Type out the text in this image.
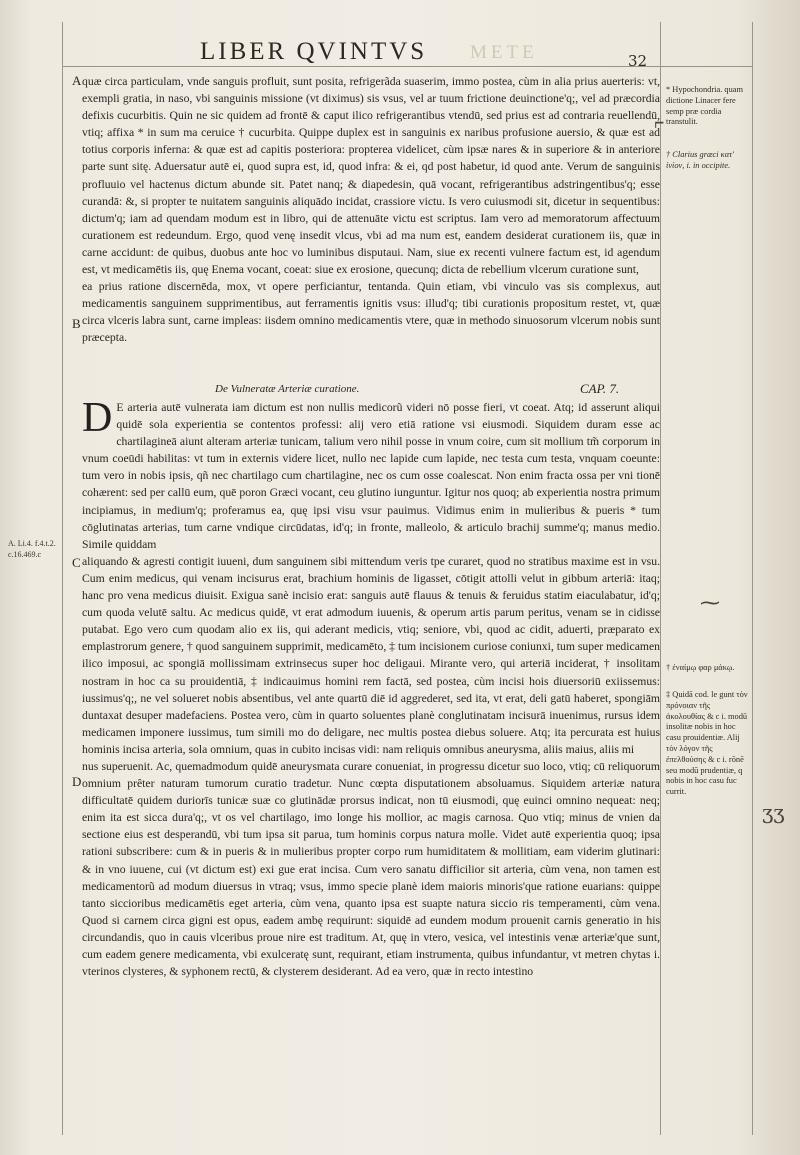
METE
LIBER QVINTVS	32
A
B
C
D

quæ circa particulam, vnde sanguis profluit, sunt posita, refrigerãda suaserim, immo postea, cùm in alia prius auerteris: vt, exempli gratia, in naso, vbi sanguinis missione (vt diximus) sis vsus, vel ar tuum frictione deuinctione'q;, vel ad præcordia defixis cucurbitis. Quin ne sic quidem ad frontē & caput ilico refrigerantibus vtendū, sed prius est ad contraria reuellendū, vtiq; affixa * in sum ma ceruice † cucurbita. Quippe duplex est in sanguinis ex naribus profusione auersio, & quæ est ad totius corporis inferna: & quæ est ad capitis posteriora: propterea videlicet, cùm ipsæ nares & in superiore & in anteriore parte sunt sitę. Aduersatur autē ei, quod supra est, id, quod infra: & ei, qd post habetur, id quod ante. Verum de sanguinis profluuio vel hactenus dictum abunde sit. Patet nanq; & diapedesin, quā vocant, refrigerantibus adstringentibus'q; esse curandā: &, si propter te nuitatem sanguinis aliquādo incidat, crassiore victu. Is vero cuiusmodi sit, dicetur in sequentibus: dictum'q; iam ad quendam modum est in libro, qui de attenuāte victu est scriptus. Iam vero ad memoratorum affectuum curationem est redeundum. Ergo, quod venę insedit vlcus, vbi ad ma num est, eandem desiderat curationem iis, quæ in carne accidunt: de quibus, duobus ante hoc vo luminibus disputaui. Nam, siue ex recenti vulnere factum est, id agendum est, vt medicamētis iis, quę Enema vocant, coeat: siue ex erosione, quecunq; dicta de rebellium vlcerum curatione sunt,

ea prius ratione discernēda, mox, vt opere perficiantur, tentanda. Quin etiam, vbi vinculo vas sis complexus, aut medicamentis sanguinem supprimentibus, aut ferramentis ignitis vsus: illud'q; tibi curationis propositum restet, vt, quæ circa vlceris labra sunt, carne impleas: iisdem omnino medicamentis vtere, quæ in methodo sinuosorum vlcerum nobis sunt præcepta.

De Vulneratæ Arteriæ curatione.	CAP. 7.

D E arteria autē vulnerata iam dictum est non nullis medicorũ videri nō posse fieri, vt coeat. Atq; id asserunt aliqui quidē sola experientia se contentos professi: alij vero etiā ratione vsi eiusmodi. Siquidem duram esse ac chartilagineā aiunt alteram arteriæ tunicam, talium vero nihil posse in vnum coire, cum sit mollium tm̃ corporum in vnum coeūdi habilitas: vt tum in externis videre licet, nullo nec lapide cum lapide, nec testa cum testa, vnquam coeunte: tum vero in nobis ipsis, qñ nec chartilago cum chartilagine, nec os cum osse coalescat. Non enim fracta ossa per vni tionē cohærent: sed per callū eum, quē poron Græci vocant, ceu glutino iunguntur. Igitur nos quoq; ab experientia nostra primum incipiamus, in medium'q; proferamus ea, quę ipsi visu vsur pauimus. Vidimus enim in mulieribus & pueris * tum cōglutinatas arterias, tum carne vndique circūdatas, id'q; in fronte, malleolo, & articulo brachij summe'q; manus medio. Simile quiddam

aliquando & agresti contigit iuueni, dum sanguinem sibi mittendum veris tpe curaret, quod no stratibus maxime est in vsu. Cum enim medicus, qui venam incisurus erat, brachium hominis de ligasset, cōtigit attolli velut in gibbum arteriā: itaq; hanc pro vena medicus diuisit. Exigua sanè incisio erat: sanguis autē flauus & tenuis & feruidus statim eiaculabatur, id'q; cum quoda velutē saltu. Ac medicus quidē, vt erat admodum iuuenis, & operum artis parum peritus, venam se in cidisse putabat. Ego vero cum quodam alio ex iis, qui aderant medicis, vtiq; seniore, vbi, quod ac cidit, aduerti, præparato ex emplastrorum genere, † quod sanguinem supprimit, medicamēto, ‡ tum incisionem curiose coniunxi, tum super medicamen ilico imposui, ac spongiā mollissimam extrinsecus super hoc deligaui. Mirante vero, qui arteriā inciderat, † insolitam nostram in hoc ca su prouidentiā, ‡ indicauimus homini rem factā, sed postea, cùm incisi hois diuersoriū exiissemus: iussimus'q;, ne vel solueret nobis absentibus, vel ante quartū diē id aggrederet, sed ita, vt erat, deli gatū haberet, spongiām duntaxat desuper madefaciens. Postea vero, cùm in quarto soluentes planè conglutinatam incisurā inuenimus, rursus idem medicamen imponere iussimus, tum simili mo do deligare, nec multis postea diebus soluere. Atq; ita percurata est huius hominis incisa arteria, sola omnium, quas in cubito incisas vidi: nam reliquis omnibus aneurysma, aliis maius, aliis mi

nus superuenit. Ac, quemadmodum quidē aneurysmata curare conueniat, in progressu dicetur suo loco, vtiq; cū reliquorum omnium prêter naturam tumorum curatio tradetur. Nunc cœpta disputationem absoluamus. Siquidem arteriæ natura difficultatē quidem duriorīs tunicæ suæ co glutinādæ prorsus indicat, non tū eiusmodi, quę euinci omnino nequeat: neq; enim ita est sicca dura'q;, vt os vel chartilago, imo longe his mollior, ac magis carnosa. Quo vtiq; minus de vnien da sectione eius est desperandū, vbi tum ipsa sit parua, tum hominis corpus natura molle. Videt autē experientia quoq; ipsa rationi subscribere: cum & in pueris & in mulieribus propter corpo rum humiditatem & mollitiam, eam viderim glutinari: & in vno iuuene, cui (vt dictum est) exi gue erat incisa. Cum vero sanatu difficilior sit arteria, cùm vena, non tamen est medicamentorũ ad modum diuersus in vtraq; vsus, immo specie planè idem maioris minoris'que ratione euarians: quippe tanto siccioribus medicamētis eget arteria, cùm vena, quanto ipsa est suapte natura siccio ris temperamenti, cùm vena. Quod si carnem circa gigni est opus, eadem ambę requirunt: siquidē ad eundem modum prouenit carnis generatio in his circundandis, quo in cauis vlceribus proue nire est traditum. At, quę in vtero, vesica, vel intestinis venæ arteriæ'que sunt, cum eadem genere medicamenta, vbi exulceratę sunt, requirant, etiam instrumenta, quibus infundantur, vt metren chytas i. vterinos clysteres, & syphonem rectū, & clysterem desiderant. Ad ea vero, quæ in recto intestino

A. Li.4. f.4.t.2. c.16.469.c
* Hypochondria. quam dictione Linacer fere semp præ cordia transtulit.
† Clarius græci κατ' ἰνίον, i. in occipite.
† ἐναίμῳ φαρ μάκῳ.
‡ Quidā cod. le gunt τὸν πρόνοιαν τῆς ἀκολουθίας & c i. modū insolitæ nobis in hoc casu prouidentiæ. Alij τὸν λόγον τῆς ἐπελθούσης & c i. rõnē seu modū prudentiæ, q nobis in hoc casu fuc currit.
⌐
⁓
ʒʒ
